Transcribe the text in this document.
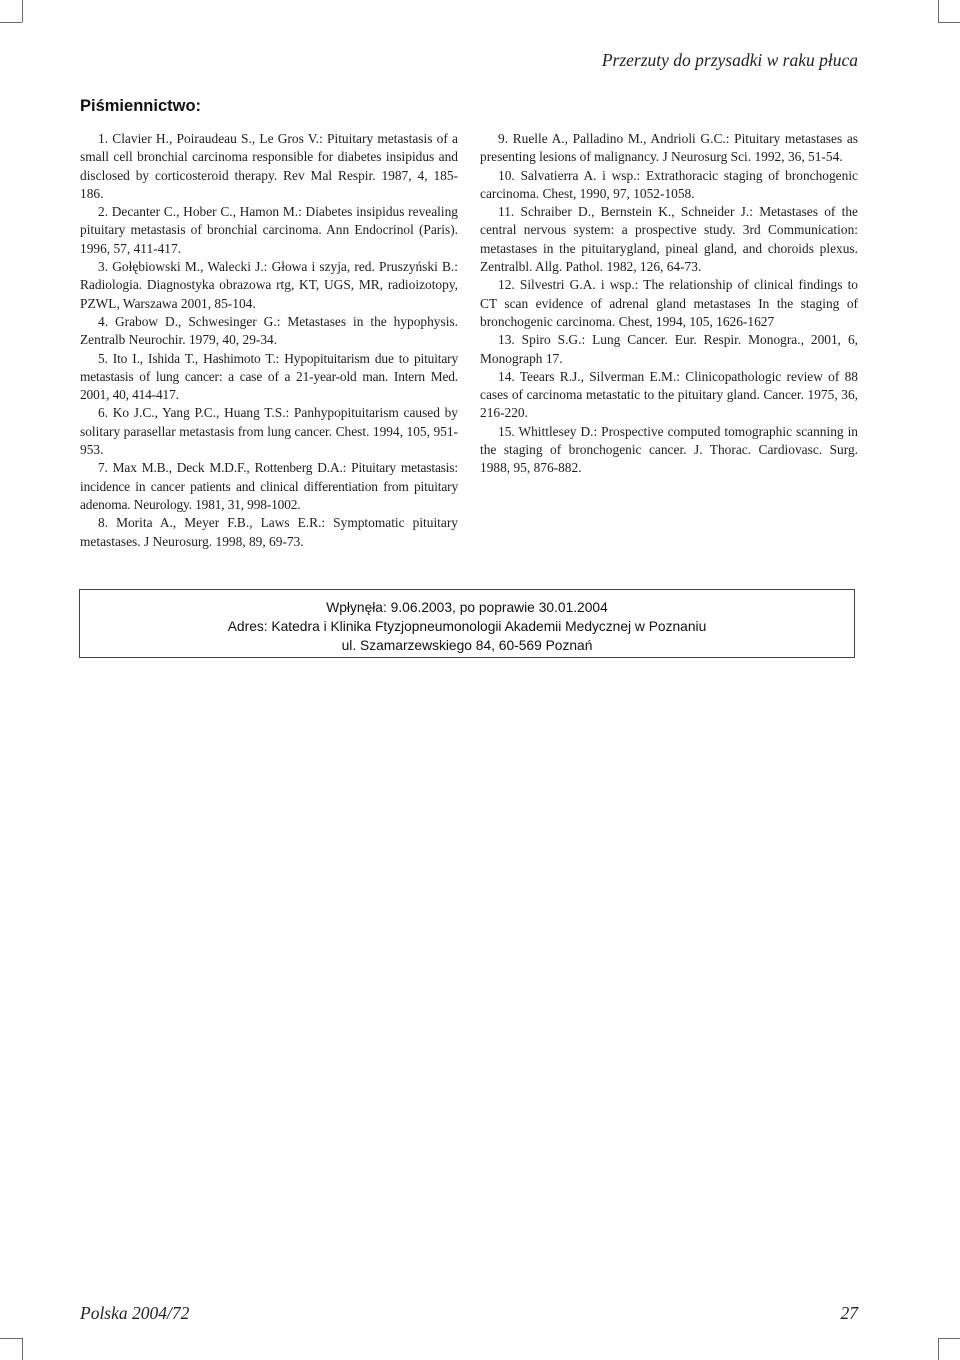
Przerzuty do przysadki w raku płuca
Piśmiennictwo:

1. Clavier H., Poiraudeau S., Le Gros V.: Pituitary metastasis of a small cell bronchial carcinoma responsible for diabetes insipidus and disclosed by corticosteroid therapy. Rev Mal Respir. 1987, 4, 185-186.

2. Decanter C., Hober C., Hamon M.: Diabetes insipidus revealing pituitary metastasis of bronchial carcinoma. Ann Endocrinol (Paris). 1996, 57, 411-417.

3. Gołębiowski M., Walecki J.: Głowa i szyja, red. Pruszyński B.: Radiologia. Diagnostyka obrazowa rtg, KT, UGS, MR, radioizotopy, PZWL, Warszawa 2001, 85-104.

4. Grabow D., Schwesinger G.: Metastases in the hypophysis. Zentralb Neurochir. 1979, 40, 29-34.

5. Ito I., Ishida T., Hashimoto T.: Hypopituitarism due to pituitary metastasis of lung cancer: a case of a 21-year-old man. Intern Med. 2001, 40, 414-417.

6. Ko J.C., Yang P.C., Huang T.S.: Panhypopituitarism caused by solitary parasellar metastasis from lung cancer. Chest. 1994, 105, 951-953.

7. Max M.B., Deck M.D.F., Rottenberg D.A.: Pituitary metastasis: incidence in cancer patients and clinical differentiation from pituitary adenoma. Neurology. 1981, 31, 998-1002.

8. Morita A., Meyer F.B., Laws E.R.: Symptomatic pituitary metastases. J Neurosurg. 1998, 89, 69-73.

9. Ruelle A., Palladino M., Andrioli G.C.: Pituitary metastases as presenting lesions of malignancy. J Neurosurg Sci. 1992, 36, 51-54.

10. Salvatierra A. i wsp.: Extrathoracic staging of bronchogenic carcinoma. Chest, 1990, 97, 1052-1058.

11. Schraiber D., Bernstein K., Schneider J.: Metastases of the central nervous system: a prospective study. 3rd Communication: metastases in the pituitarygland, pineal gland, and choroids plexus. Zentralbl. Allg. Pathol. 1982, 126, 64-73.

12. Silvestri G.A. i wsp.: The relationship of clinical findings to CT scan evidence of adrenal gland metastases In the staging of bronchogenic carcinoma. Chest, 1994, 105, 1626-1627

13. Spiro S.G.: Lung Cancer. Eur. Respir. Monogra., 2001, 6, Monograph 17.

14. Teears R.J., Silverman E.M.: Clinicopathologic review of 88 cases of carcinoma metastatic to the pituitary gland. Cancer. 1975, 36, 216-220.

15. Whittlesey D.: Prospective computed tomographic scanning in the staging of bronchogenic cancer. J. Thorac. Cardiovasc. Surg. 1988, 95, 876-882.

Wpłynęła: 9.06.2003, po poprawie 30.01.2004
Adres: Katedra i Klinika Ftyzjopneumonologii Akademii Medycznej w Poznaniu
ul. Szamarzewskiego 84, 60-569 Poznań
Polska 2004/72	27
